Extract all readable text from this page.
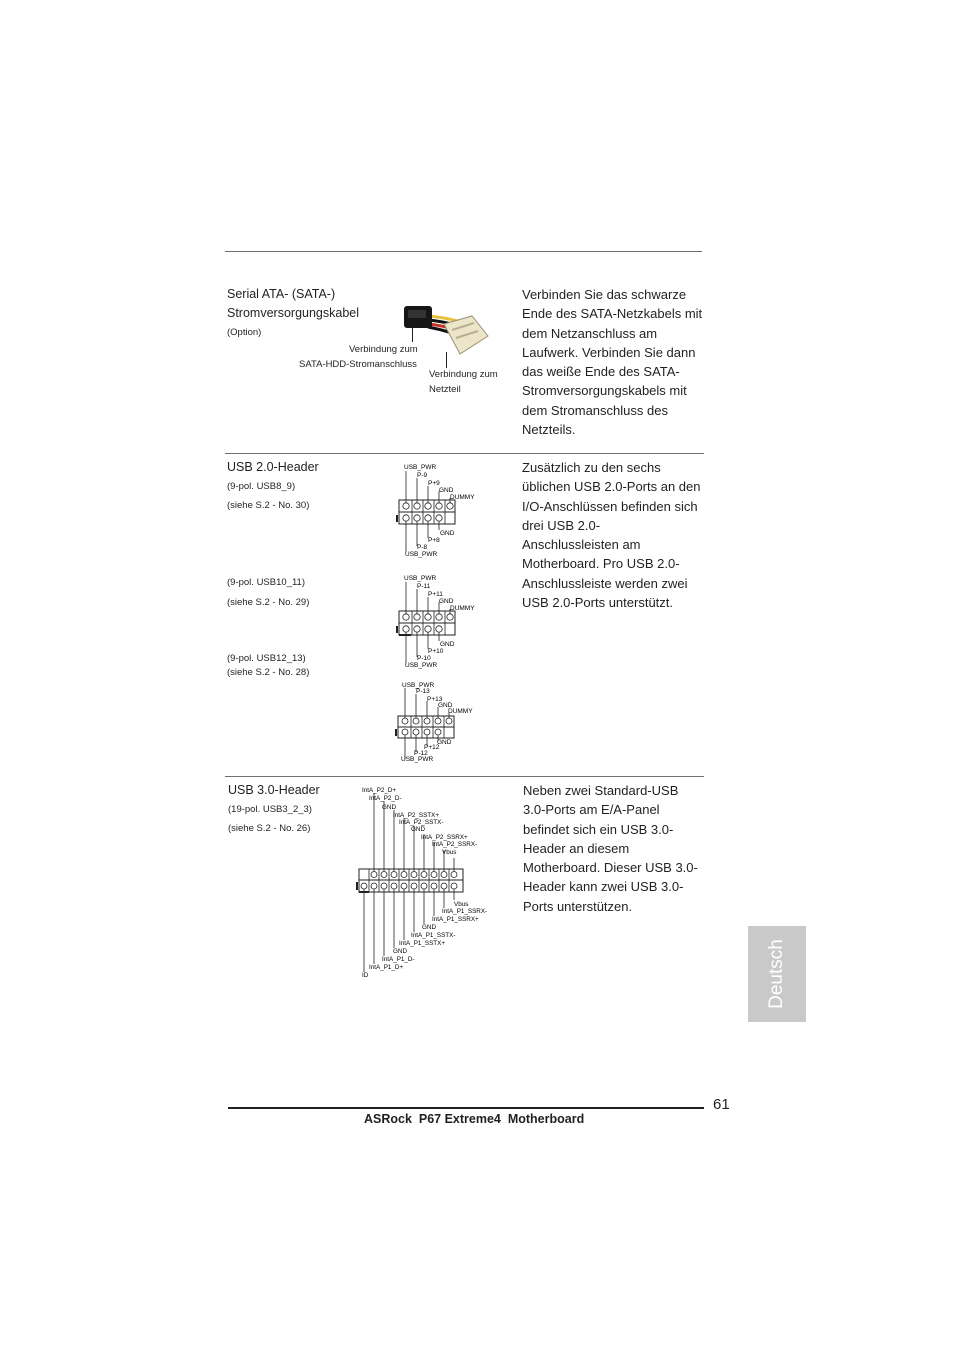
Serial ATA- (SATA-)
Stromversorgungskabel
(Option)
Verbindung zum
SATA-HDD-Stromanschluss
Verbindung zum
Netzteil
Verbinden Sie das schwarze
Ende des SATA-Netzkabels mit
dem Netzanschluss am
Laufwerk. Verbinden Sie dann
das weiße Ende des SATA-
Stromversorgungskabels mit
dem Stromanschluss des
Netzteils.
USB 2.0-Header
(9-pol. USB8_9)
(siehe S.2 - No. 30)
(9-pol. USB10_11)
(siehe S.2 - No. 29)
(9-pol. USB12_13)
(siehe S.2 - No. 28)
USB_PWR
P-9
P+9
GND
DUMMY
GND
P+8
P-8
USB_PWR
USB_PWR
P-11
P+11
GND
DUMMY
GND
P+10
P-10
USB_PWR
USB_PWR
P-13
P+13
GND
DUMMY
GND
P+12
P-12
USB_PWR
Zusätzlich zu den sechs
üblichen USB 2.0-Ports an den
I/O-Anschlüssen befinden sich
drei USB 2.0-
Anschlussleisten am
Motherboard. Pro USB 2.0-
Anschlussleiste werden zwei
USB 2.0-Ports unterstützt.
USB 3.0-Header
(19-pol. USB3_2_3)
(siehe S.2 - No. 26)
IntA_P2_D+
IntA_P2_D-
GND
IntA_P2_SSTX+
IntA_P2_SSTX-
GND
IntA_P2_SSRX+
IntA_P2_SSRX-
Vbus
Vbus
IntA_P1_SSRX-
IntA_P1_SSRX+
GND
IntA_P1_SSTX-
IntA_P1_SSTX+
GND
IntA_P1_D-
IntA_P1_D+
ID
Neben zwei Standard-USB
3.0-Ports am E/A-Panel
befindet sich ein USB 3.0-
Header an diesem
Motherboard. Dieser USB 3.0-
Header kann zwei USB 3.0-
Ports unterstützen.
Deutsch
61
ASRock  P67 Extreme4  Motherboard
